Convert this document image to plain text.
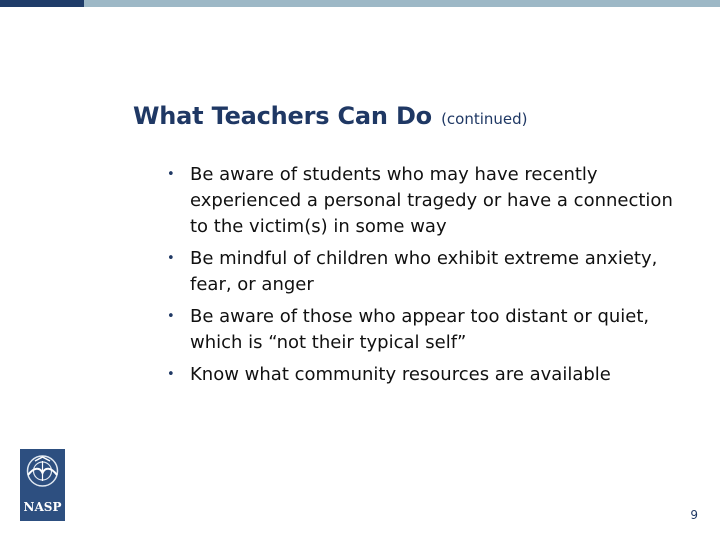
What Teachers Can Do (continued)
• Be aware of students who may have recently experienced a personal tragedy or have a connection to the victim(s) in some way
• Be mindful of children who exhibit extreme anxiety, fear, or anger
• Be aware of those who appear too distant or quiet, which is “not their typical self”
• Know what community resources are available
NASP
9
